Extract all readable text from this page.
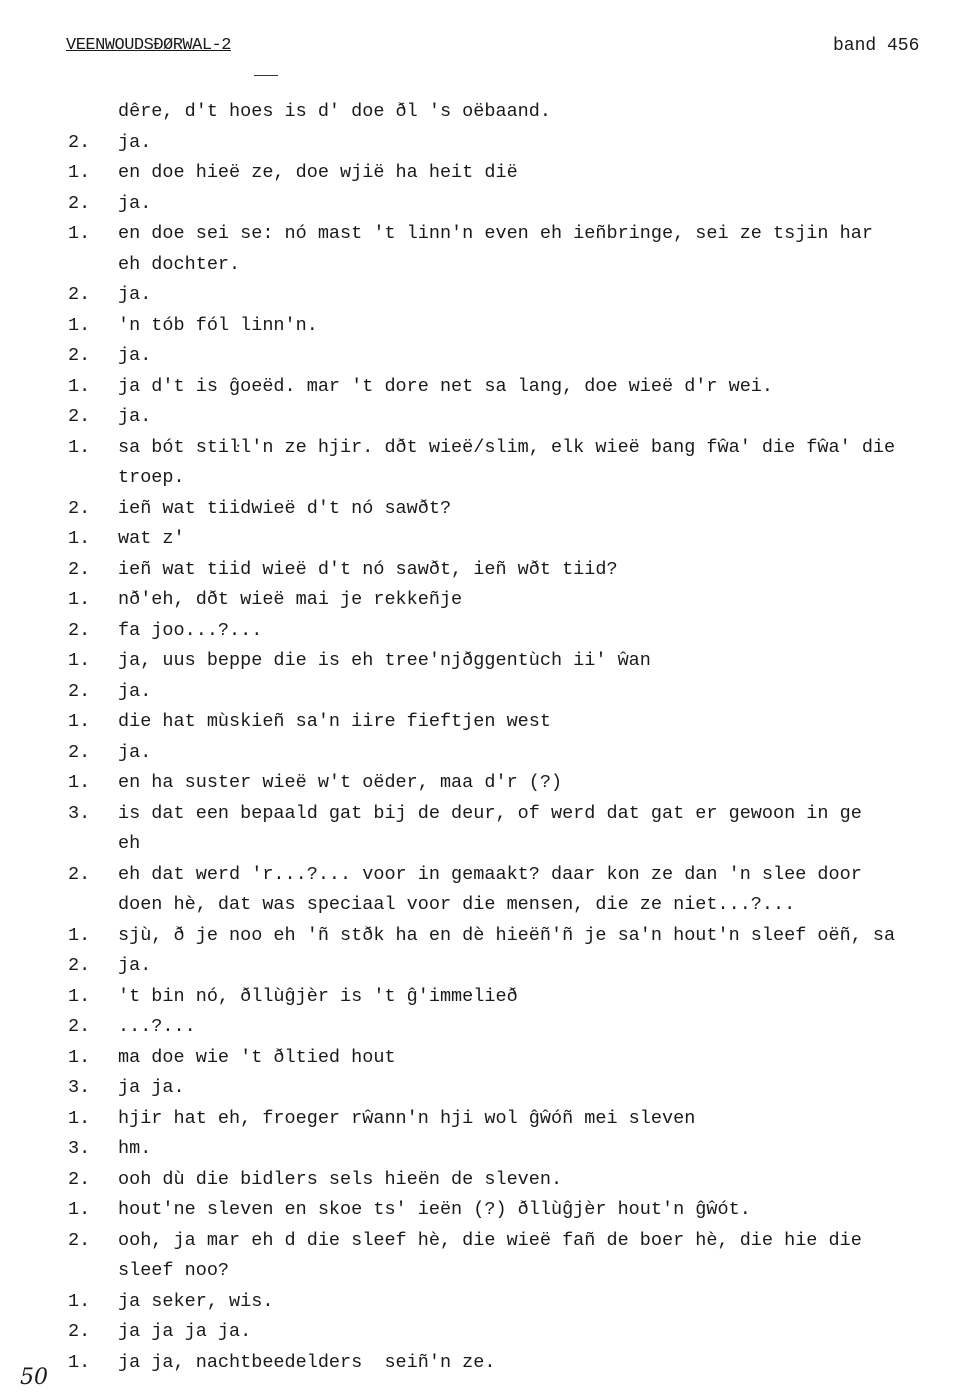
VEENWOUDSÐØRWAL-2	band 456
dêre, d't hoes is d' doe ðl 's oëbaand.
2. ja.
1. en doe hieë ze, doe wjië ha heit dië
2. ja.
1. en doe sei se: nó mast 't linn'n even eh ieñbringe, sei ze tsjin har
eh dochter.
2. ja.
1. 'n tób fól linn'n.
2. ja.
1. ja d't is ĝoeëd. mar 't dore net sa lang, doe wieë d'r wei.
2. ja.
1. sa bót stiŀl'n ze hjir. dðt wieë/slim, elk wieë bang fŵa' die fŵa' die
troep.
2. ieñ wat tiidwieë d't nó sawðt?
1. wat z'
2. ieñ wat tiid wieë d't nó sawðt, ieñ wðt tiid?
1. nð'eh, dðt wieë mai je rekkeñje
2. fa joo...?...
1. ja, uus beppe die is eh tree'njðggentùch ii' ŵan
2. ja.
1. die hat mùskieñ sa'n iire fieftjen west
2. ja.
1. en ha suster wieë w't oëder, maa d'r (?)
3. is dat een bepaald gat bij de deur, of werd dat gat er gewoon in ge
eh
2. eh dat werd 'r...?... voor in gemaakt? daar kon ze dan 'n slee door
doen hè, dat was speciaal voor die mensen, die ze niet...?...
1. sjù, ð je noo eh 'ñ stðk ha en dè hieëñ'ñ je sa'n hout'n sleef oëñ, sa
2. ja.
1. 't bin nó, ðllùĝjèr is 't ĝ'immelieð
2. ...?...
1. ma doe wie 't ðltied hout
3. ja ja.
1. hjir hat eh, froeger rŵann'n hji wol ĝŵóñ mei sleven
3. hm.
2. ooh dù die bidlers sels hieën de sleven.
1. hout'ne sleven en skoe ts' ieën (?) ðllùĝjèr hout'n ĝŵót.
2. ooh, ja mar eh d die sleef hè, die wieë fañ de boer hè, die hie die
sleef noo?
1. ja seker, wis.
2. ja ja ja ja.
1. ja ja, nachtbeedelders  seiñ'n ze.
50
